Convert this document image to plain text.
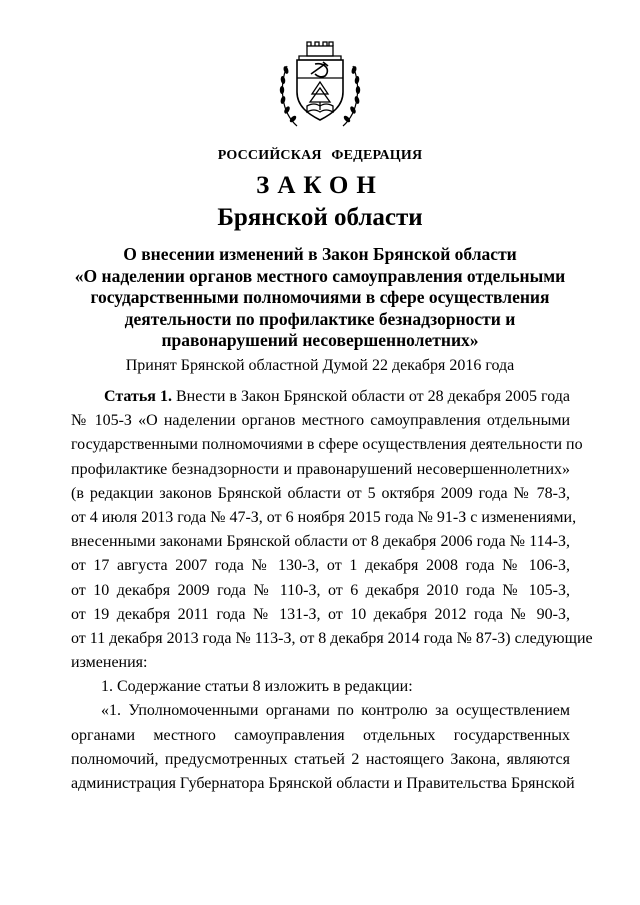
РОССИЙСКАЯ ФЕДЕРАЦИЯ
ЗАКОН
Брянской области
О внесении изменений в Закон Брянской области
«О наделении органов местного самоуправления отдельными
государственными полномочиями в сфере осуществления
деятельности по профилактике безнадзорности и
правонарушений несовершеннолетних»
Принят Брянской областной Думой 22 декабря 2016 года
Статья 1. Внести в Закон Брянской области от 28 декабря 2005 года
№ 105-З «О наделении органов местного самоуправления отдельными
государственными полномочиями в сфере осуществления деятельности по
профилактике безнадзорности и правонарушений несовершеннолетних»
(в редакции законов Брянской области от 5 октября 2009 года № 78-З,
от 4 июля 2013 года № 47-З, от 6 ноября 2015 года № 91-З с изменениями,
внесенными законами Брянской области от 8 декабря 2006 года № 114-З,
от 17 августа 2007 года № 130-З, от 1 декабря 2008 года № 106-З,
от 10 декабря 2009 года № 110-З, от 6 декабря 2010 года № 105-З,
от 19 декабря 2011 года № 131-З, от 10 декабря 2012 года № 90-З,
от 11 декабря 2013 года № 113-З, от 8 декабря 2014 года № 87-З) следующие
изменения:
1. Содержание статьи 8 изложить в редакции:
«1. Уполномоченными органами по контролю за осуществлением
органами местного самоуправления отдельных государственных
полномочий, предусмотренных статьей 2 настоящего Закона, являются
администрация Губернатора Брянской области и Правительства Брянской
